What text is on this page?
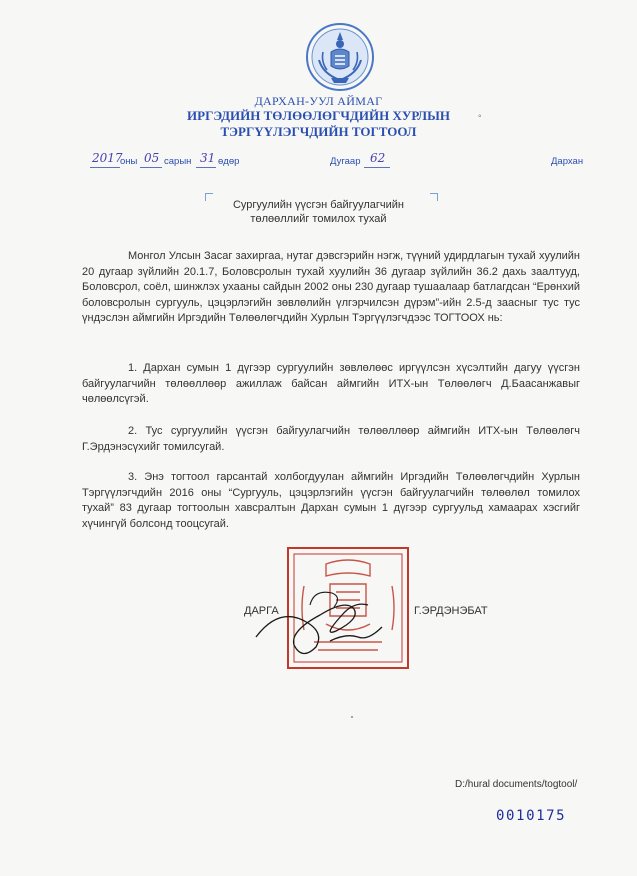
ДАРХАН-УУЛ АЙМАГ
ИРГЭДИЙН ТӨЛӨӨЛӨГЧДИЙН ХУРЛЫН
ТЭРГҮҮЛЭГЧДИЙН ТОГТООЛ
◦
2017
оны 05 сарын 31 өдөр	Дугаар 62	Дархан
Сургуулийн үүсгэн байгуулагчийн
төлөөллийг томилох тухай

Монгол Улсын Засаг захиргаа, нутаг дэвсгэрийн нэгж, түүний удирдлагын тухай хуулийн 20 дугаар зүйлийн 20.1.7, Боловсролын тухай хуулийн 36 дугаар зүйлийн 36.2 дахь заалтууд, Боловсрол, соёл, шинжлэх ухааны сайдын 2002 оны 230 дугаар тушаалаар батлагдсан “Ерөнхий боловсролын сургууль, цэцэрлэгийн зөвлөлийн үлгэрчилсэн дүрэм”-ийн 2.5-д заасныг тус тус үндэслэн аймгийн Иргэдийн Төлөөлөгчдийн Хурлын Тэргүүлэгчдээс ТОГТООХ нь:

1. Дархан сумын 1 дүгээр сургуулийн зөвлөлөөс иргүүлсэн хүсэлтийн дагуу үүсгэн байгуулагчийн төлөөллөөр ажиллаж байсан аймгийн ИТХ-ын Төлөөлөгч Д.Баасанжавыг чөлөөлсүгэй.

2. Тус сургуулийн үүсгэн байгуулагчийн төлөөллөөр аймгийн ИТХ-ын Төлөөлөгч Г.Эрдэнэсүхийг томилсугай.

3. Энэ тогтоол гарсантай холбогдуулан аймгийн Иргэдийн Төлөөлөгчдийн Хурлын Тэргүүлэгчдийн 2016 оны “Сургууль, цэцэрлэгийн үүсгэн байгуулагчийн төлөөлөл томилох тухай” 83 дугаар тогтоолын хавсралтын Дархан сумын 1 дүгээр сургуульд хамаарах хэсгийг хүчингүй болсонд тооцсугай.

ДАРГА	Г.ЭРДЭНЭБАТ
D:/hural documents/togtool/
0010175
